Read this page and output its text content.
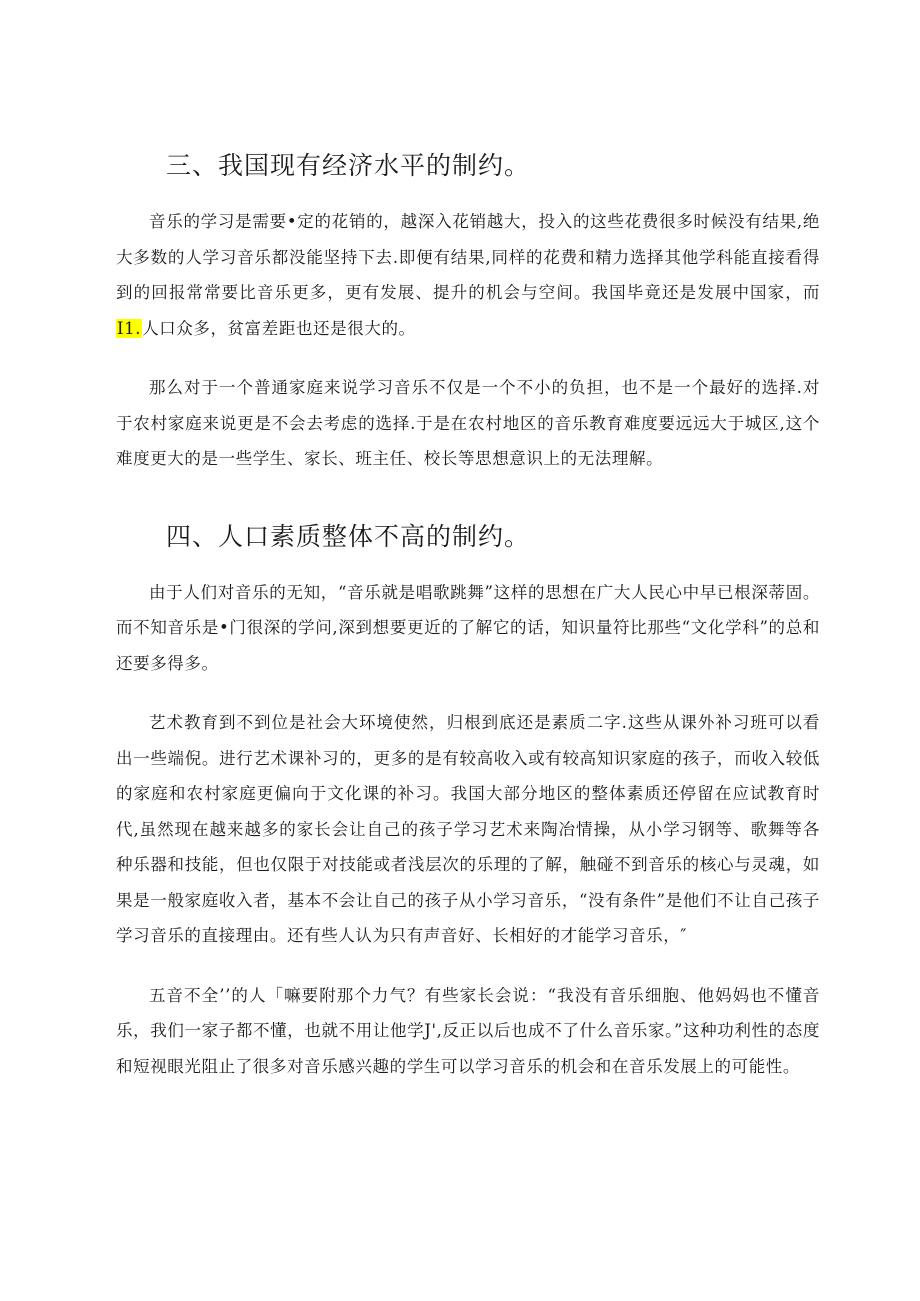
三、我国现有经济水平的制约。

音乐的学习是需要•定的花销的，越深入花销越大，投入的这些花费很多时候没有结果,绝大多数的人学习音乐都没能坚持下去.即便有结果,同样的花费和精力选择其他学科能直接看得到的回报常常要比音乐更多，更有发展、提升的机会与空间。我国毕竟还是发展中国家，而I1.人口众多，贫富差距也还是很大的。

那么对于一个普通家庭来说学习音乐不仅是一个不小的负担，也不是一个最好的选择.对于农村家庭来说更是不会去考虑的选择.于是在农村地区的音乐教育难度要远远大于城区,这个难度更大的是一些学生、家长、班主任、校长等思想意识上的无法理解。

四、人口素质整体不高的制约。

由于人们对音乐的无知，“音乐就是唱歌跳舞”这样的思想在广大人民心中早已根深蒂固。而不知音乐是•门很深的学问,深到想要更近的了解它的话，知识量符比那些“文化学科”的总和还要多得多。

艺术教育到不到位是社会大环境使然，归根到底还是素质二字.这些从课外补习班可以看出一些端倪。进行艺术课补习的，更多的是有较高收入或有较高知识家庭的孩子，而收入较低的家庭和农村家庭更偏向于文化课的补习。我国大部分地区的整体素质还停留在应试教育时代,虽然现在越来越多的家长会让自己的孩子学习艺术来陶冶情操，从小学习钢等、歌舞等各种乐器和技能，但也仅限于对技能或者浅层次的乐理的了解，触碰不到音乐的核心与灵魂，如果是一般家庭收入者，基本不会让自己的孩子从小学习音乐，“没有条件”是他们不让自己孩子学习音乐的直接理由。还有些人认为只有声音好、长相好的才能学习音乐，″

五音不全’’的人「嘛要附那个力气？有些家长会说：“我没有音乐细胞、他妈妈也不懂音乐，我们一家子都不懂，也就不用让他学J',反正以后也成不了什么音乐家。”这种功利性的态度和短视眼光阻止了很多对音乐感兴趣的学生可以学习音乐的机会和在音乐发展上的可能性。
